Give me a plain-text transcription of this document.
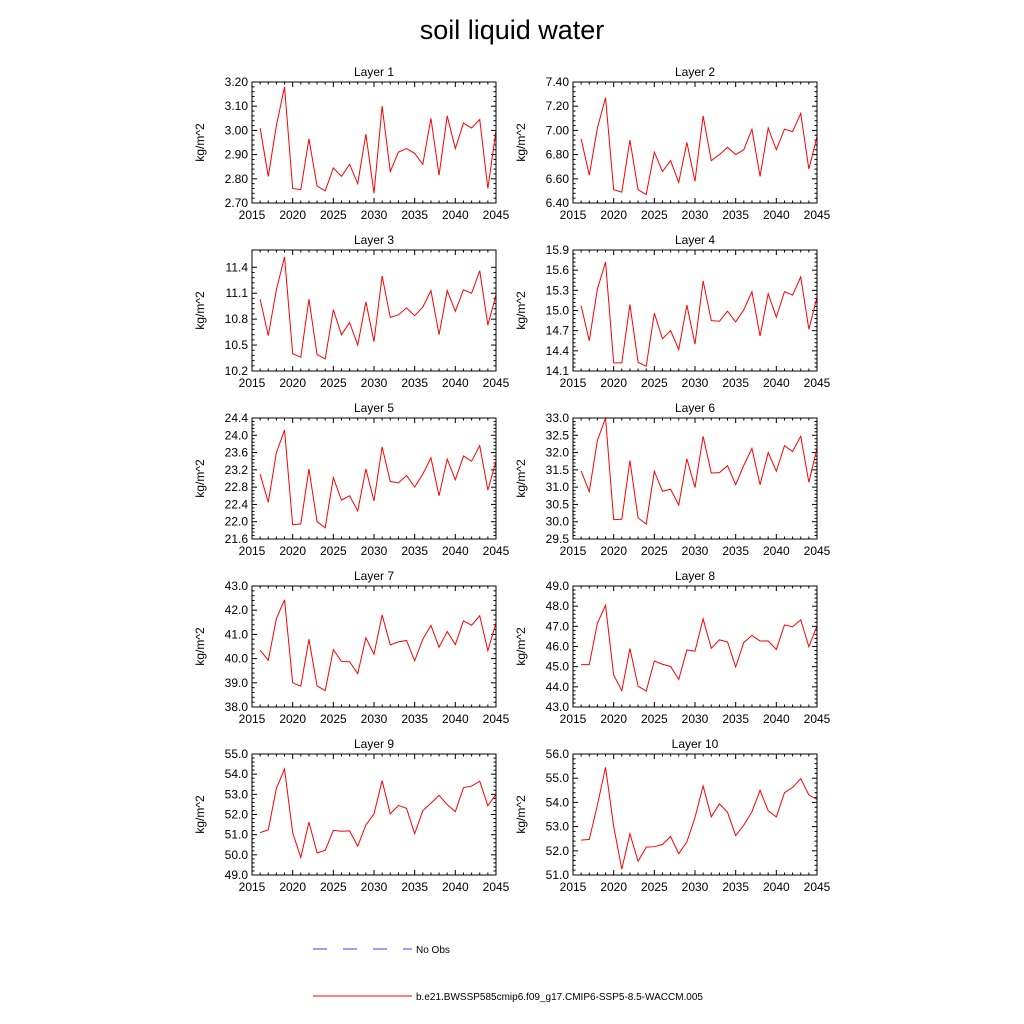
soil liquid water
Layer 1
kg/m^2
2.70
2.80
2.90
3.00
3.10
3.20
2015 2020 2025 2030 2035 2040 2045
Layer 2
kg/m^2
6.40
6.60
6.80
7.00
7.20
7.40
2015 2020 2025 2030 2035 2040 2045
Layer 3
kg/m^2
10.2
10.5
10.8
11.1
11.4
2015 2020 2025 2030 2035 2040 2045
Layer 4
kg/m^2
14.1
14.4
14.7
15.0
15.3
15.6
15.9
2015 2020 2025 2030 2035 2040 2045
Layer 5
kg/m^2
21.6
22.0
22.4
22.8
23.2
23.6
24.0
24.4
2015 2020 2025 2030 2035 2040 2045
Layer 6
kg/m^2
29.5
30.0
30.5
31.0
31.5
32.0
32.5
33.0
2015 2020 2025 2030 2035 2040 2045
Layer 7
kg/m^2
38.0
39.0
40.0
41.0
42.0
43.0
2015 2020 2025 2030 2035 2040 2045
Layer 8
kg/m^2
43.0
44.0
45.0
46.0
47.0
48.0
49.0
2015 2020 2025 2030 2035 2040 2045
Layer 9
kg/m^2
49.0
50.0
51.0
52.0
53.0
54.0
55.0
2015 2020 2025 2030 2035 2040 2045
Layer 10
kg/m^2
51.0
52.0
53.0
54.0
55.0
56.0
2015 2020 2025 2030 2035 2040 2045
No Obs
b.e21.BWSSP585cmip6.f09_g17.CMIP6-SSP5-8.5-WACCM.005
